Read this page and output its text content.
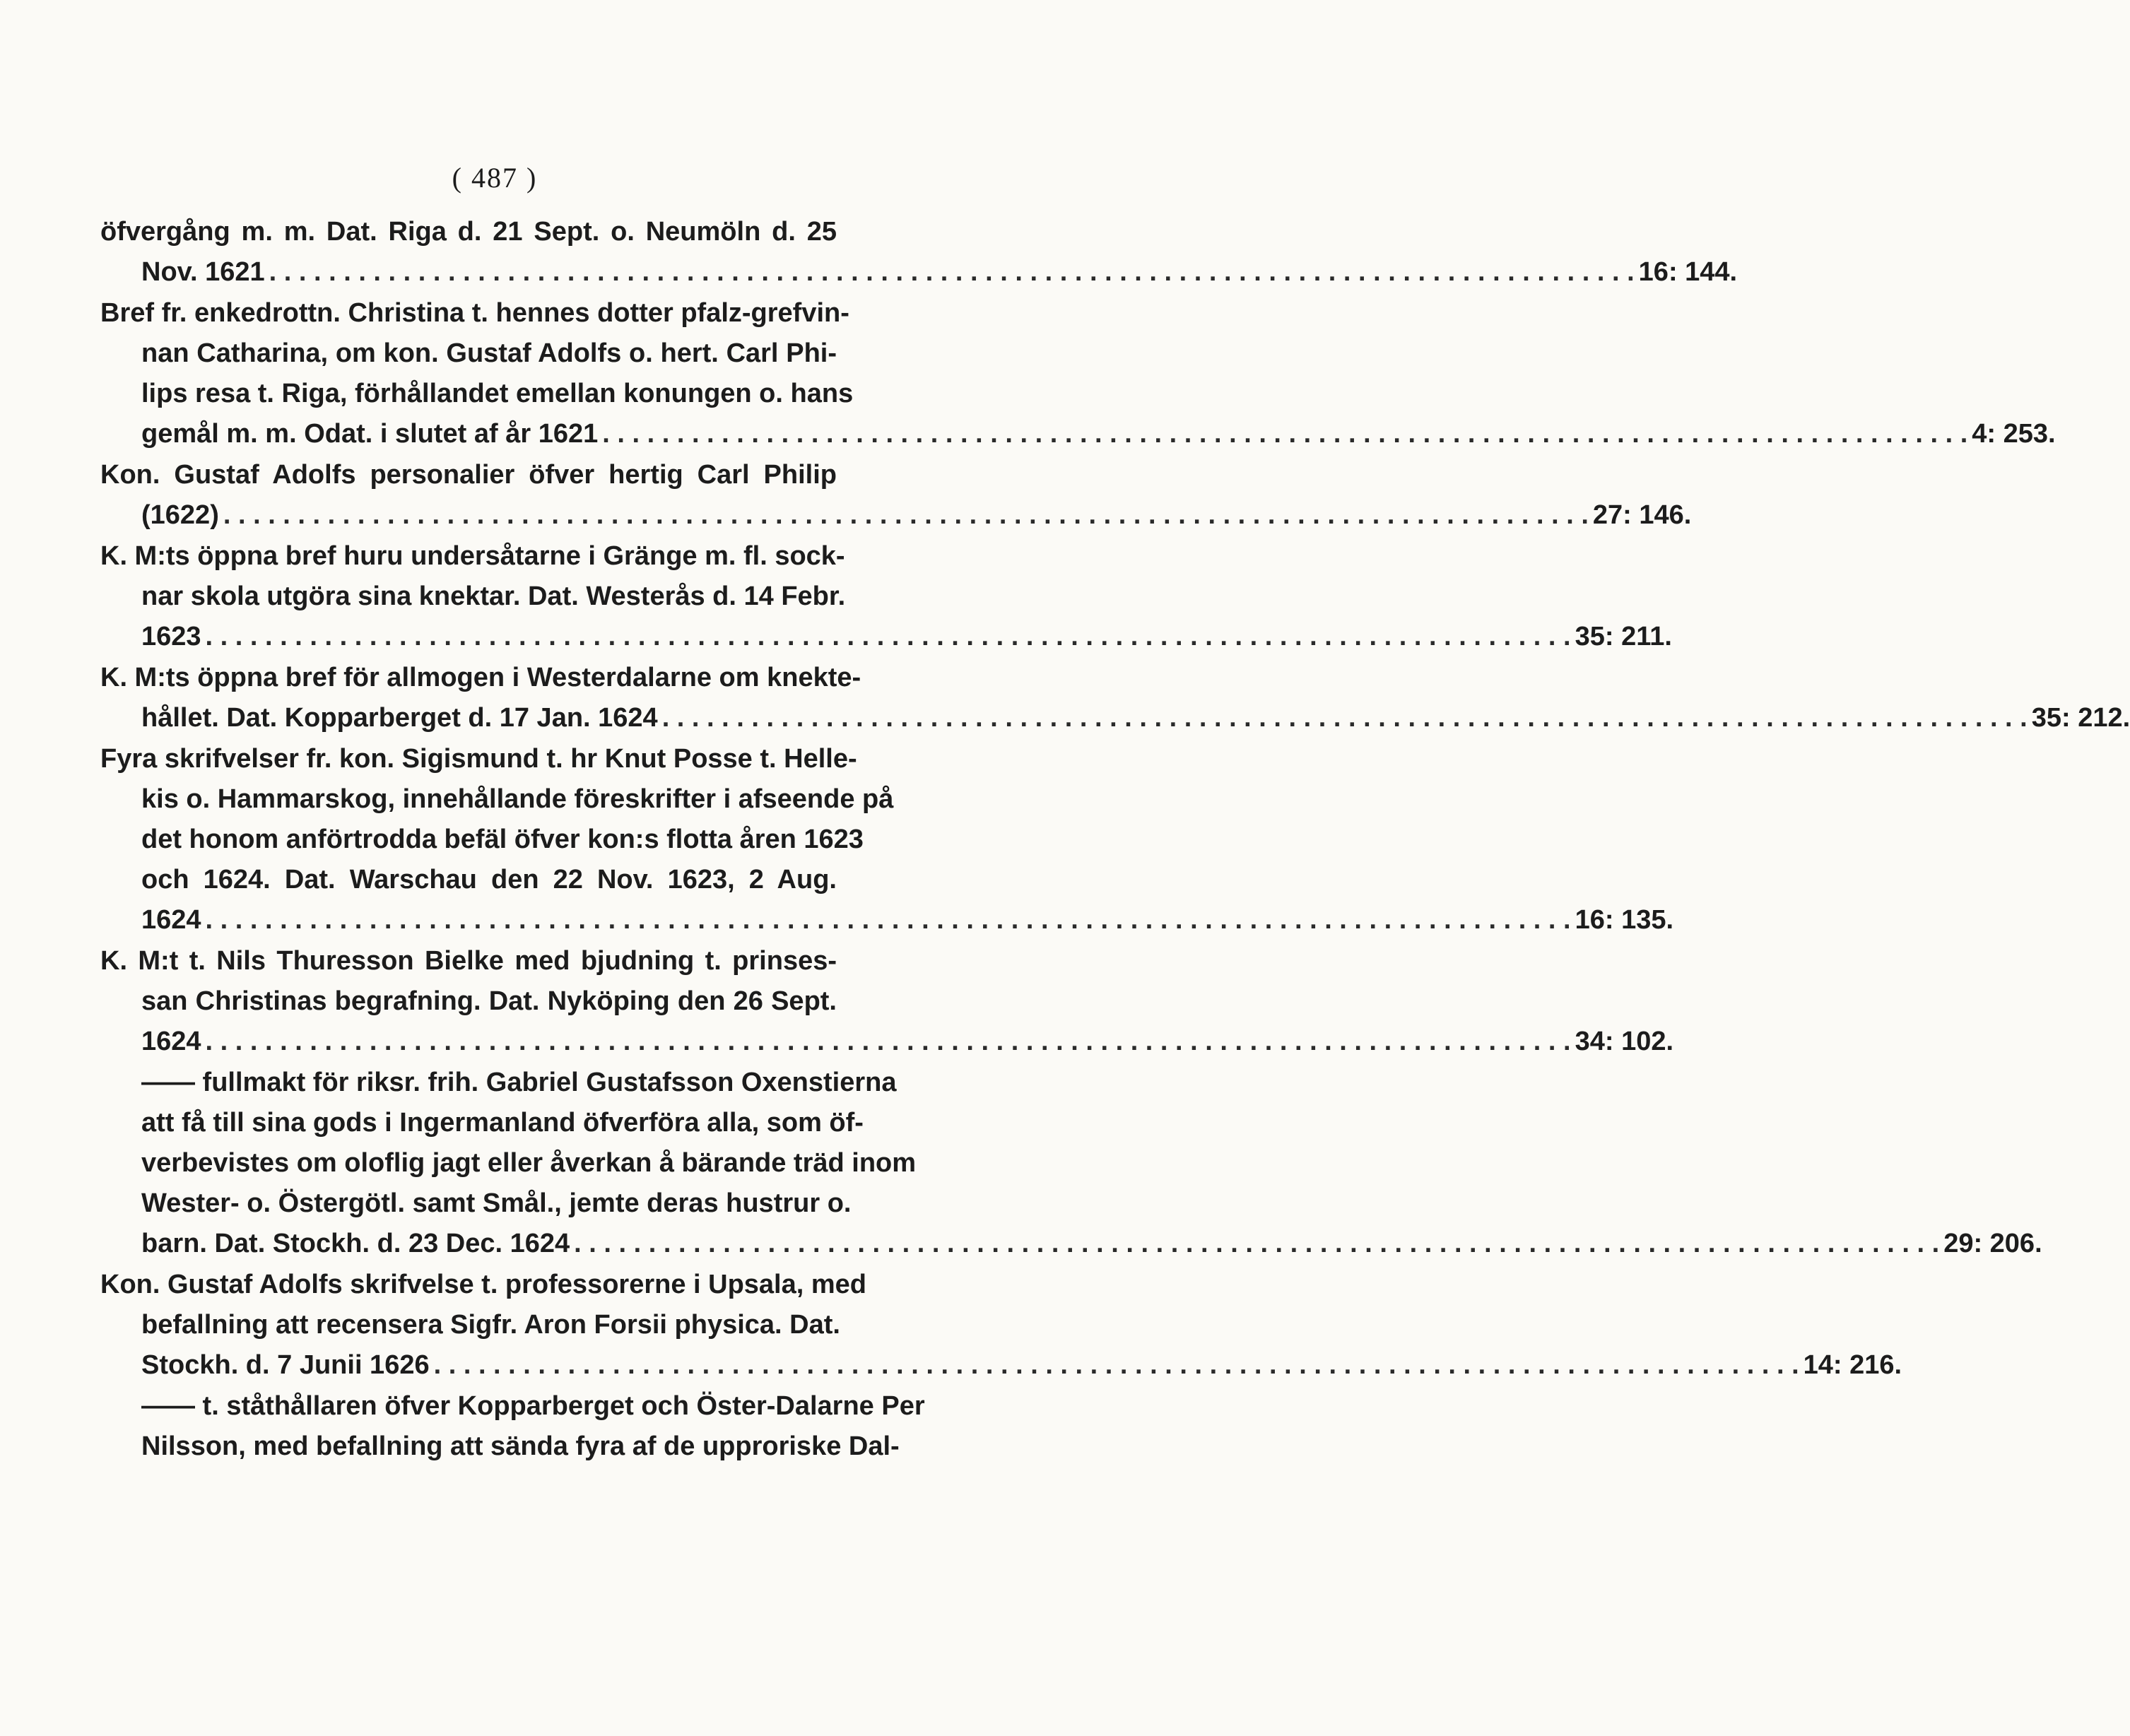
( 487 )
öfvergång m. m. Dat. Riga d. 21 Sept. o. Neumöln d. 25
Nov. 1621 . . .	16: 144.
Bref fr. enkedrottn. Christina t. hennes dotter pfalz-grefvin-
nan Catharina, om kon. Gustaf Adolfs o. hert. Carl Phi-
lips resa t. Riga, förhållandet emellan konungen o. hans
gemål m. m. Odat. i slutet af år 1621 . . .	4: 253.
Kon. Gustaf Adolfs personalier öfver hertig Carl Philip
(1622) . . .	27: 146.
K. M:ts öppna bref huru undersåtarne i Gränge m. fl. sock-
nar skola utgöra sina knektar. Dat. Westerås d. 14 Febr.
1623 . . .	35: 211.
K. M:ts öppna bref för allmogen i Westerdalarne om knekte-
hållet. Dat. Kopparberget d. 17 Jan. 1624 . . .	35: 212.
Fyra skrifvelser fr. kon. Sigismund t. hr Knut Posse t. Helle-
kis o. Hammarskog, innehållande föreskrifter i afseende på
det honom anförtrodda befäl öfver kon:s flotta åren 1623
och 1624. Dat. Warschau den 22 Nov. 1623, 2 Aug.
1624 . . .	16: 135.
K. M:t t. Nils Thuresson Bielke med bjudning t. prinses-
san Christinas begrafning. Dat. Nyköping den 26 Sept.
1624 . . .	34: 102.
—— fullmakt för riksr. frih. Gabriel Gustafsson Oxenstierna
att få till sina gods i Ingermanland öfverföra alla, som öf-
verbevistes om oloflig jagt eller åverkan å bärande träd inom
Wester- o. Östergötl. samt Smål., jemte deras hustrur o.
barn. Dat. Stockh. d. 23 Dec. 1624 . . .	29: 206.
Kon. Gustaf Adolfs skrifvelse t. professorerne i Upsala, med
befallning att recensera Sigfr. Aron Forsii physica. Dat.
Stockh. d. 7 Junii 1626 . . .	14: 216.
—— t. ståthållaren öfver Kopparberget och Öster-Dalarne Per
Nilsson, med befallning att sända fyra af de upproriske Dal-
